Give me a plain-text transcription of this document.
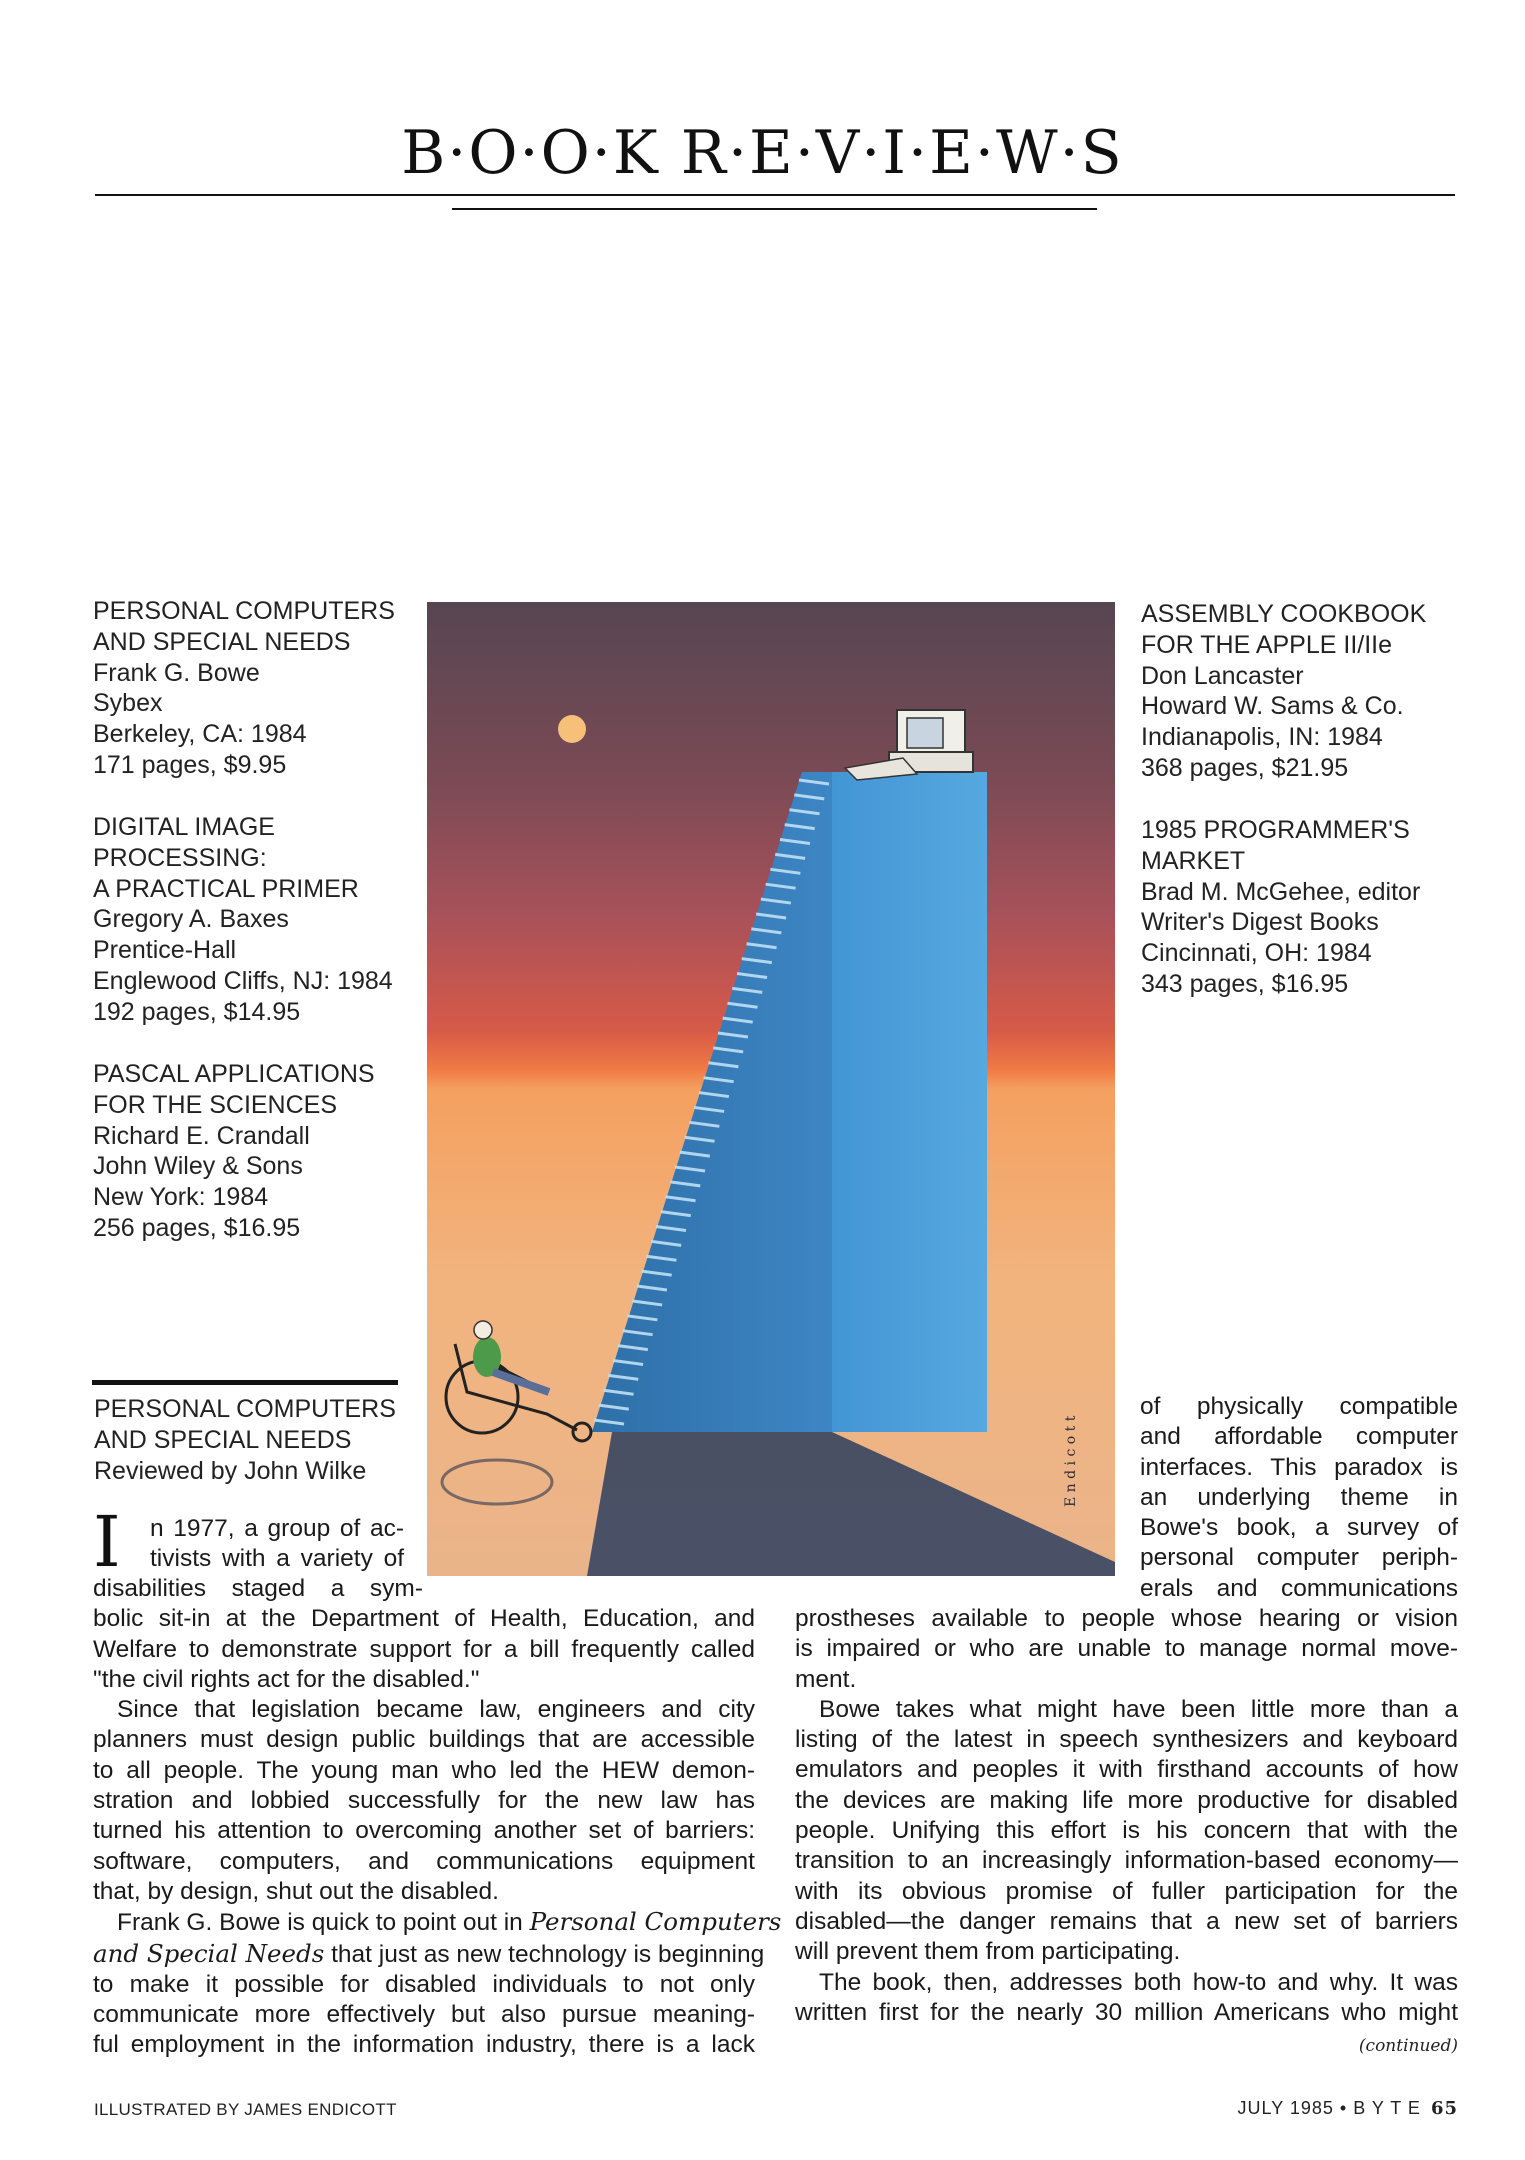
B·O·O·K R·E·V·I·E·W·S
PERSONAL COMPUTERS
AND SPECIAL NEEDS
Frank G. Bowe
Sybex
Berkeley, CA: 1984
171 pages, $9.95
DIGITAL IMAGE
PROCESSING:
A PRACTICAL PRIMER
Gregory A. Baxes
Prentice-Hall
Englewood Cliffs, NJ: 1984
192 pages, $14.95
PASCAL APPLICATIONS
FOR THE SCIENCES
Richard E. Crandall
John Wiley & Sons
New York: 1984
256 pages, $16.95
ASSEMBLY COOKBOOK
FOR THE APPLE II/IIe
Don Lancaster
Howard W. Sams & Co.
Indianapolis, IN: 1984
368 pages, $21.95
1985 PROGRAMMER'S
MARKET
Brad M. McGehee, editor
Writer's Digest Books
Cincinnati, OH: 1984
343 pages, $16.95
E n d i c o t t
PERSONAL COMPUTERS
AND SPECIAL NEEDS
Reviewed by John Wilke
I	n 1977, a group of ac-
tivists with a variety of
disabilities staged a sym-
bolic sit-in at the Department of Health, Education, and
Welfare to demonstrate support for a bill frequently called
"the civil rights act for the disabled."
Since that legislation became law, engineers and city
planners must design public buildings that are accessible
to all people. The young man who led the HEW demon-
stration and lobbied successfully for the new law has
turned his attention to overcoming another set of barriers:
software, computers, and communications equipment
that, by design, shut out the disabled.
Frank G. Bowe is quick to point out in Personal Computers
and Special Needs that just as new technology is beginning
to make it possible for disabled individuals to not only
communicate more effectively but also pursue meaning-
ful employment in the information industry, there is a lack
of physically compatible
and affordable computer
interfaces. This paradox is
an underlying theme in
Bowe's book, a survey of
personal computer periph-
erals and communications
prostheses available to people whose hearing or vision
is impaired or who are unable to manage normal move-
ment.
Bowe takes what might have been little more than a
listing of the latest in speech synthesizers and keyboard
emulators and peoples it with firsthand accounts of how
the devices are making life more productive for disabled
people. Unifying this effort is his concern that with the
transition to an increasingly information-based economy—
with its obvious promise of fuller participation for the
disabled—the danger remains that a new set of barriers
will prevent them from participating.
The book, then, addresses both how-to and why. It was
written first for the nearly 30 million Americans who might
(continued)
ILLUSTRATED BY JAMES ENDICOTT	JULY 1985 • B Y T E 65
